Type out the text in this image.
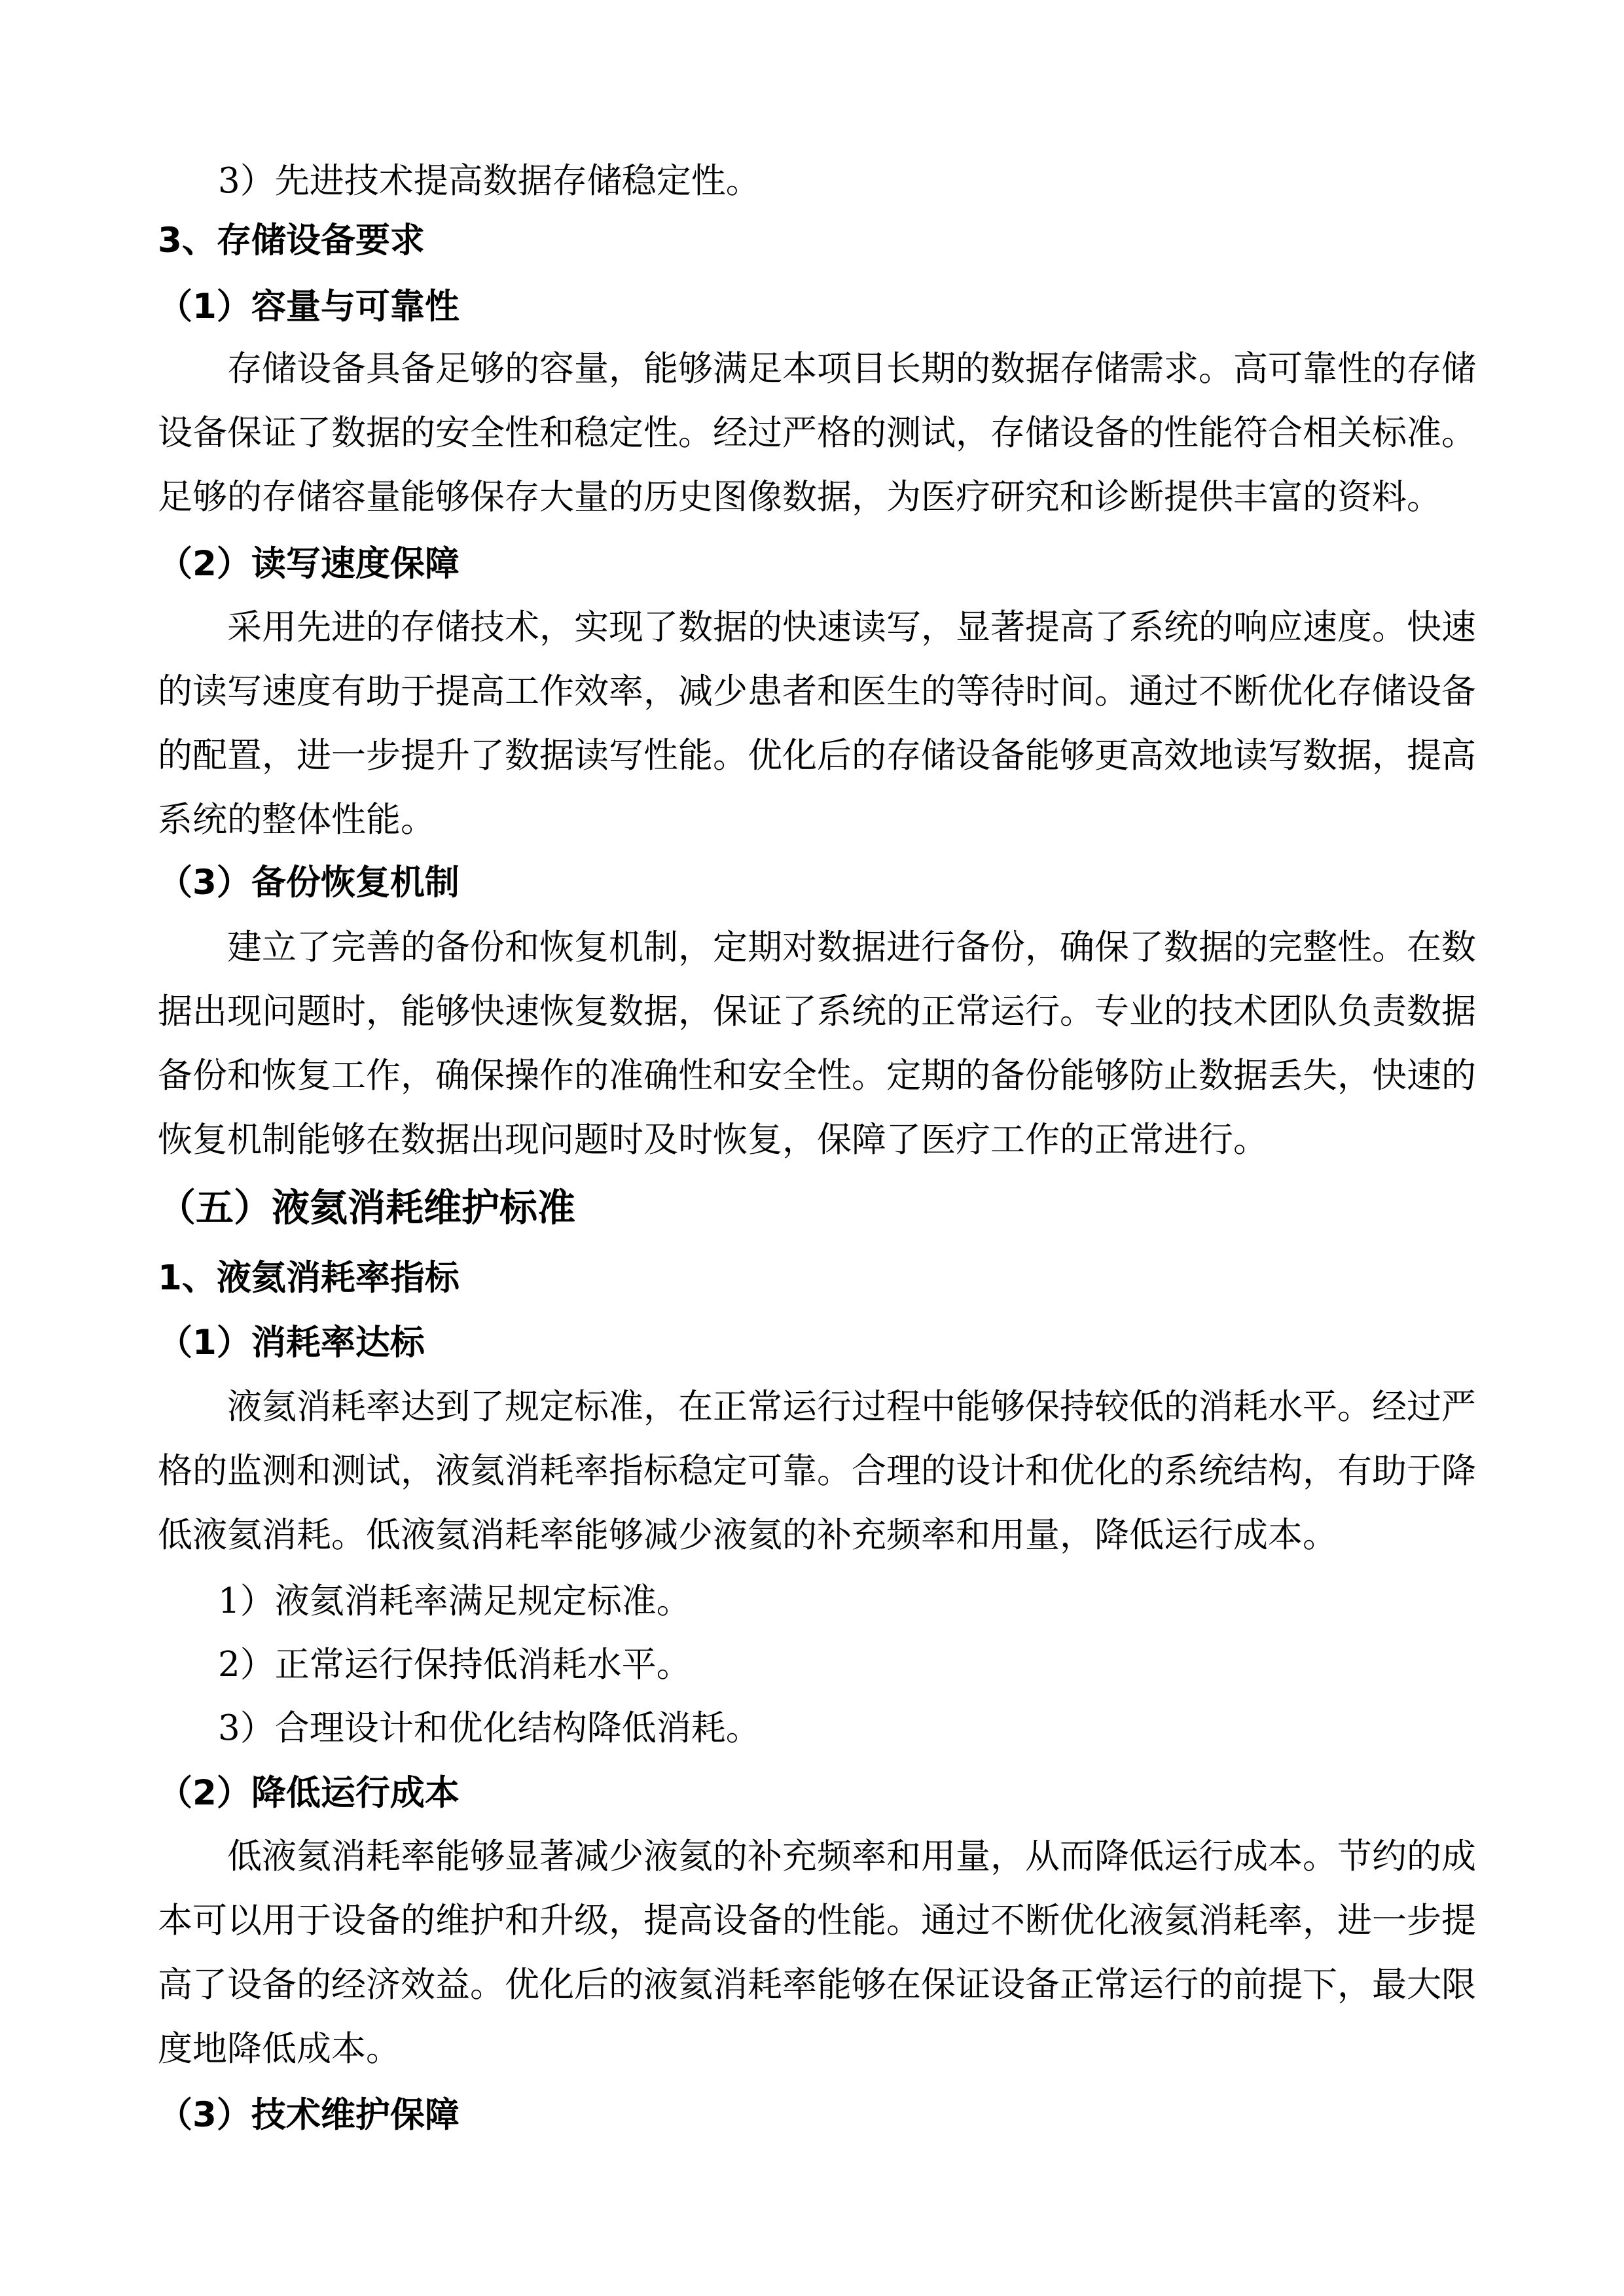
3）先进技术提高数据存储稳定性。
3、存储设备要求
（1）容量与可靠性
存储设备具备足够的容量，能够满足本项目长期的数据存储需求。高可靠性的存储设备保证了数据的安全性和稳定性。经过严格的测试，存储设备的性能符合相关标准。足够的存储容量能够保存大量的历史图像数据，为医疗研究和诊断提供丰富的资料。
（2）读写速度保障
采用先进的存储技术，实现了数据的快速读写，显著提高了系统的响应速度。快速的读写速度有助于提高工作效率，减少患者和医生的等待时间。通过不断优化存储设备的配置，进一步提升了数据读写性能。优化后的存储设备能够更高效地读写数据，提高系统的整体性能。
（3）备份恢复机制
建立了完善的备份和恢复机制，定期对数据进行备份，确保了数据的完整性。在数据出现问题时，能够快速恢复数据，保证了系统的正常运行。专业的技术团队负责数据备份和恢复工作，确保操作的准确性和安全性。定期的备份能够防止数据丢失，快速的恢复机制能够在数据出现问题时及时恢复，保障了医疗工作的正常进行。
（五）液氦消耗维护标准
1、液氦消耗率指标
（1）消耗率达标
液氦消耗率达到了规定标准，在正常运行过程中能够保持较低的消耗水平。经过严格的监测和测试，液氦消耗率指标稳定可靠。合理的设计和优化的系统结构，有助于降低液氦消耗。低液氦消耗率能够减少液氦的补充频率和用量，降低运行成本。
1）液氦消耗率满足规定标准。
2）正常运行保持低消耗水平。
3）合理设计和优化结构降低消耗。
（2）降低运行成本
低液氦消耗率能够显著减少液氦的补充频率和用量，从而降低运行成本。节约的成本可以用于设备的维护和升级，提高设备的性能。通过不断优化液氦消耗率，进一步提高了设备的经济效益。优化后的液氦消耗率能够在保证设备正常运行的前提下，最大限度地降低成本。
（3）技术维护保障
